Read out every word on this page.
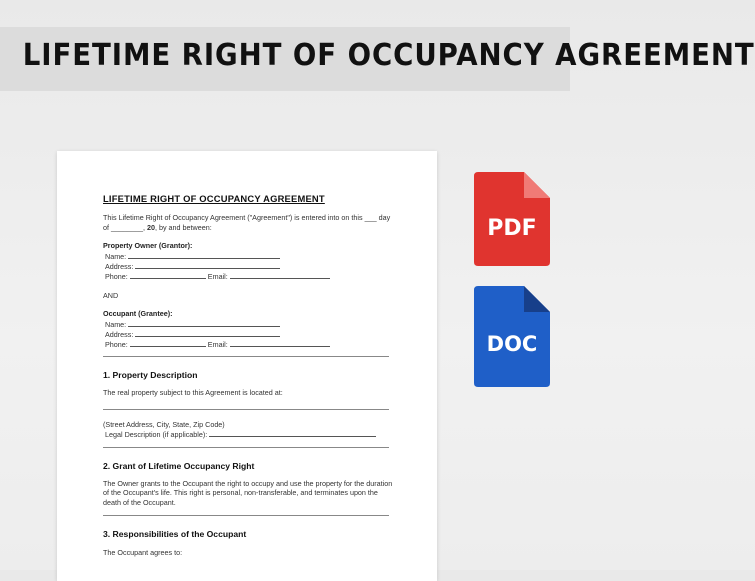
LIFETIME RIGHT OF OCCUPANCY AGREEMENT
LIFETIME RIGHT OF OCCUPANCY AGREEMENT

This Lifetime Right of Occupancy Agreement ("Agreement") is entered into on this ___ day

of ________, 20, by and between:

Property Owner (Grantor):

Name:

Address:

Phone:	Email:

AND

Occupant (Grantee):

Name:

Address:

Phone:	Email:

1. Property Description

The real property subject to this Agreement is located at:

(Street Address, City, State, Zip Code)

Legal Description (if applicable):

2. Grant of Lifetime Occupancy Right

The Owner grants to the Occupant the right to occupy and use the property for the duration

of the Occupant's life. This right is personal, non-transferable, and terminates upon the

death of the Occupant.

3. Responsibilities of the Occupant

The Occupant agrees to:

PDF
DOC
